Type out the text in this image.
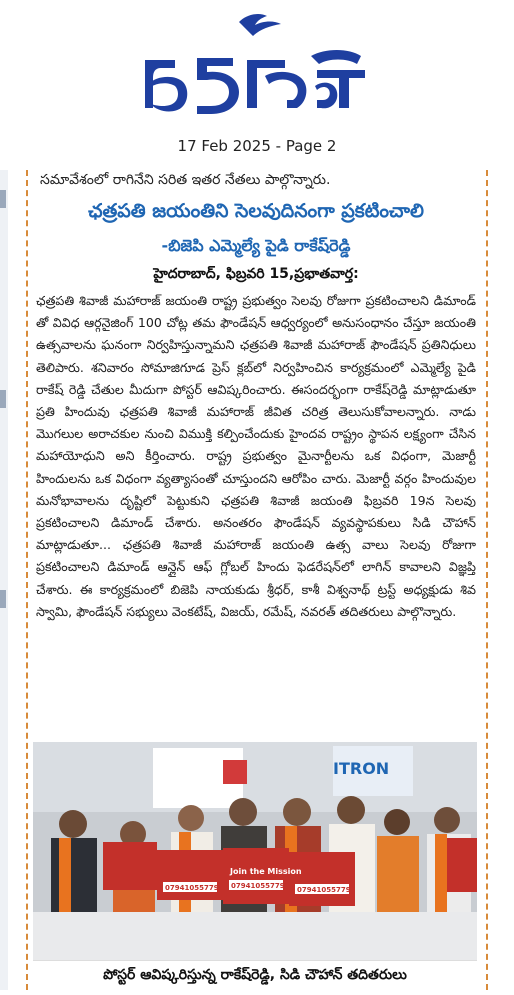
17 Feb 2025 - Page 2
సమావేశంలో రాగినేని సరిత ఇతర నేతలు పాల్గొన్నారు.
ఛత్రపతి జయంతిని సెలవుదినంగా ప్రకటించాలి
-బిజెపి ఎమ్మెల్యే పైడి రాకేష్‌రెడ్డి
హైదరాబాద్, ఫిబ్రవరి 15,ప్రభాతవార్త:

ఛత్రపతి శివాజీ మహారాజ్ జయంతి రాష్ట్ర ప్రభుత్వం సెలవు రోజుగా ప్రకటించాలని డిమాండ్ తో వివిధ ఆర్గనైజింగ్ 100 చోట్ల తమ ఫౌండేషన్ ఆధ్వర్యంలో అనుసంధానం చేస్తూ జయంతి ఉత్సవాలను ఘనంగా నిర్వహిస్తున్నామని ఛత్రపతి శివాజీ మహారాజ్ ఫౌండేషన్ ప్రతినిధులు తెలిపారు. శనివారం సోమాజిగూడ ప్రెస్ క్లబ్‌లో నిర్వహించిన కార్యక్రమంలో ఎమ్మెల్యే పైడి రాకేష్ రెడ్డి చేతుల మీదుగా పోస్టర్ ఆవిష్కరించారు. ఈసందర్భంగా రాకేష్‌రెడ్డి మాట్లాడుతూ ప్రతి హిందువు ఛత్రపతి శివాజీ మహారాజ్ జీవిత చరిత్ర తెలుసుకోవాలన్నారు. నాడు మొగలుల అరాచకుల నుంచి విముక్తి కల్పించేందుకు హైందవ రాష్ట్రం స్థాపన లక్ష్యంగా చేసిన మహాయోధుని అని కీర్తించారు. రాష్ట్ర ప్రభుత్వం మైనార్టీలను ఒక విధంగా, మెజార్టీ హిందులను ఒక విధంగా వ్యత్యాసంతో చూస్తుందని ఆరోపిం చారు. మెజార్టీ వర్గం హిందువుల మనోభావాలను దృష్టిలో పెట్టుకుని ఛత్రపతి శివాజీ జయంతి ఫిబ్రవరి 19న సెలవు ప్రకటించాలని డిమాండ్ చేశారు. అనంతరం ఫౌండేషన్ వ్యవస్థాపకులు సిడి చౌహాన్ మాట్లాడుతూ... ఛత్రపతి శివాజీ మహారాజ్ జయంతి ఉత్స వాలు సెలవు రోజుగా ప్రకటించాలని డిమాండ్ ఆన్లైన్ ఆఫ్ గ్లోబల్ హిందు ఫెడరేషన్‌లో లాగిన్ కావాలని విజ్ఞప్తి చేశారు. ఈ కార్యక్రమంలో బిజెపి నాయకుడు శ్రీధర్, కాశీ విశ్వనాథ్ ట్రస్ట్ అధ్యక్షుడు శివ స్వామి, ఫౌండేషన్ సభ్యులు వెంకటేష్, విజయ్, రమేష్, నవరత్ తదితరులు పాల్గొన్నారు.

ITRON
Join the Mission
07941055779
07941055779	07941055779
పోస్టర్ ఆవిష్కరిస్తున్న రాకేష్‌రెడ్డి, సిడి చౌహాన్ తదితరులు
